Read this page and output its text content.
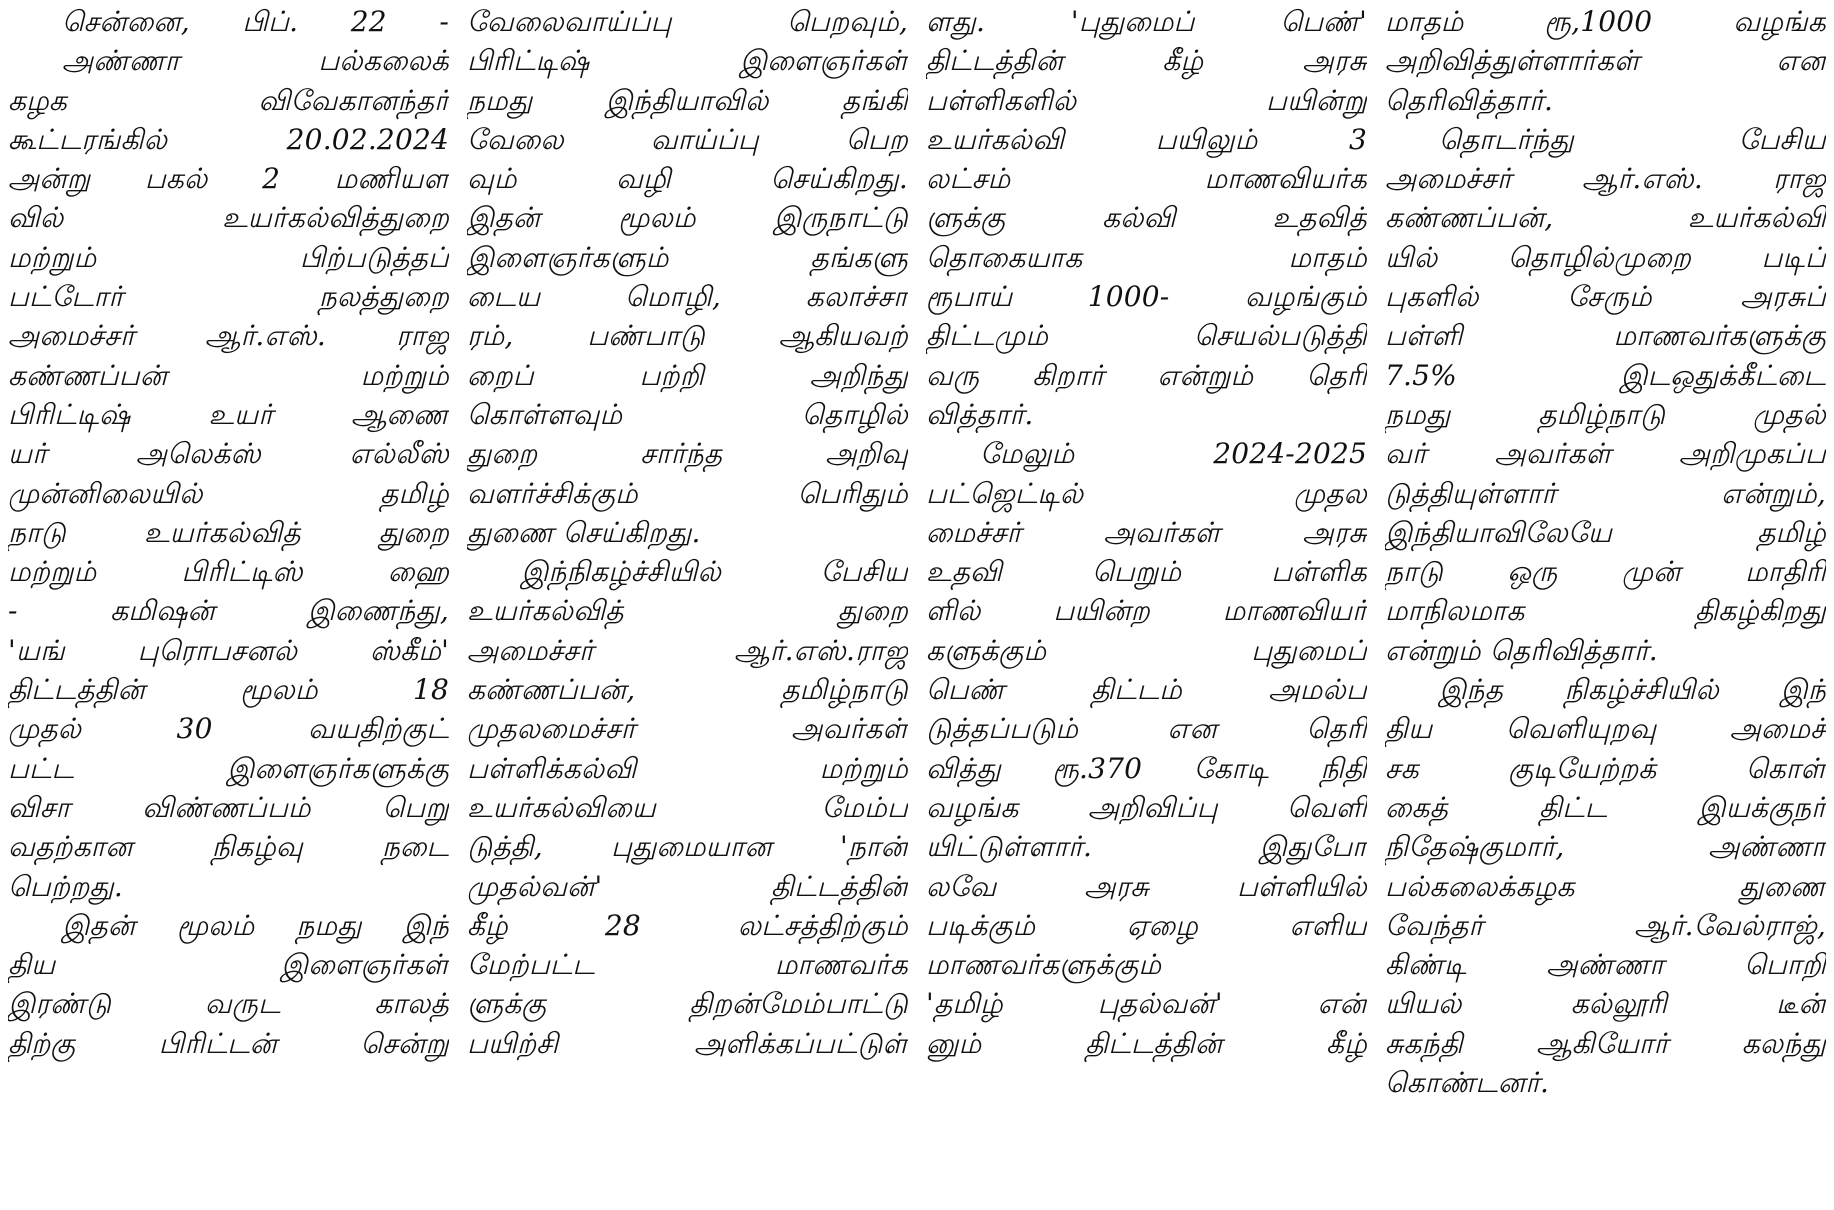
சென்னை, பிப். 22 -
அண்ணா பல்கலைக்
கழக விவேகானந்தர்
கூட்டரங்கில் 20.02.2024
அன்று பகல் 2 மணியள
வில் உயர்கல்வித்துறை
மற்றும் பிற்படுத்தப்
பட்டோர் நலத்துறை
அமைச்சர் ஆர்.எஸ். ராஜ
கண்ணப்பன் மற்றும்
பிரிட்டிஷ் உயர் ஆணை
யர் அலெக்ஸ் எல்லீஸ்
முன்னிலையில் தமிழ்
நாடு உயர்கல்வித் துறை
மற்றும் பிரிட்டிஸ் ஹை
- கமிஷன் இணைந்து,
'யங் புரொபசனல் ஸ்கீம்'
திட்டத்தின் மூலம் 18
முதல் 30 வயதிற்குட்
பட்ட இளைஞர்களுக்கு
விசா விண்ணப்பம் பெறு
வதற்கான நிகழ்வு நடை
பெற்றது.
இதன் மூலம் நமது இந்
திய இளைஞர்கள்
இரண்டு வருட காலத்
திற்கு பிரிட்டன் சென்று
வேலைவாய்ப்பு பெறவும்,
பிரிட்டிஷ் இளைஞர்கள்
நமது இந்தியாவில் தங்கி
வேலை வாய்ப்பு பெற
வும் வழி செய்கிறது.
இதன் மூலம் இருநாட்டு
இளைஞர்களும் தங்களு
டைய மொழி, கலாச்சா
ரம், பண்பாடு ஆகியவற்
றைப் பற்றி அறிந்து
கொள்ளவும் தொழில்
துறை சார்ந்த அறிவு
வளர்ச்சிக்கும் பெரிதும்
துணை செய்கிறது.
இந்நிகழ்ச்சியில் பேசிய
உயர்கல்வித் துறை
அமைச்சர் ஆர்.எஸ்.ராஜ
கண்ணப்பன், தமிழ்நாடு
முதலமைச்சர் அவர்கள்
பள்ளிக்கல்வி மற்றும்
உயர்கல்வியை மேம்ப
டுத்தி, புதுமையான 'நான்
முதல்வன்' திட்டத்தின்
கீழ் 28 லட்சத்திற்கும்
மேற்பட்ட மாணவர்க
ளுக்கு திறன்மேம்பாட்டு
பயிற்சி அளிக்கப்பட்டுள்
ளது. 'புதுமைப் பெண்'
திட்டத்தின் கீழ் அரசு
பள்ளிகளில் பயின்று
உயர்கல்வி பயிலும் 3
லட்சம் மாணவியர்க
ளுக்கு கல்வி உதவித்
தொகையாக மாதம்
ரூபாய் 1000- வழங்கும்
திட்டமும் செயல்படுத்தி
வரு கிறார் என்றும் தெரி
வித்தார்.
மேலும் 2024-2025
பட்ஜெட்டில் முதல
மைச்சர் அவர்கள் அரசு
உதவி பெறும் பள்ளிக
ளில் பயின்ற மாணவியர்
களுக்கும் புதுமைப்
பெண் திட்டம் அமல்ப
டுத்தப்படும் என தெரி
வித்து ரூ.370 கோடி நிதி
வழங்க அறிவிப்பு வெளி
யிட்டுள்ளார். இதுபோ
லவே அரசு பள்ளியில்
படிக்கும் ஏழை எளிய
மாணவர்களுக்கும்
'தமிழ் புதல்வன்' என்
னும் திட்டத்தின் கீழ்
மாதம் ரூ,1000 வழங்க
அறிவித்துள்ளார்கள் என
தெரிவித்தார்.
தொடர்ந்து பேசிய
அமைச்சர் ஆர்.எஸ். ராஜ
கண்ணப்பன், உயர்கல்வி
யில் தொழில்முறை படிப்
புகளில் சேரும் அரசுப்
பள்ளி மாணவர்களுக்கு
7.5% இடஒதுக்கீட்டை
நமது தமிழ்நாடு முதல்
வர் அவர்கள் அறிமுகப்ப
டுத்தியுள்ளார் என்றும்,
இந்தியாவிலேயே தமிழ்
நாடு ஒரு முன் மாதிரி
மாநிலமாக திகழ்கிறது
என்றும் தெரிவித்தார்.
இந்த நிகழ்ச்சியில் இந்
திய வெளியுறவு அமைச்
சக குடியேற்றக் கொள்
கைத் திட்ட இயக்குநர்
நிதேஷ்குமார், அண்ணா
பல்கலைக்கழக துணை
வேந்தர் ஆர்.வேல்ராஜ்,
கிண்டி அண்ணா பொறி
யியல் கல்லூரி டீன்
சுகந்தி ஆகியோர் கலந்து
கொண்டனர்.
